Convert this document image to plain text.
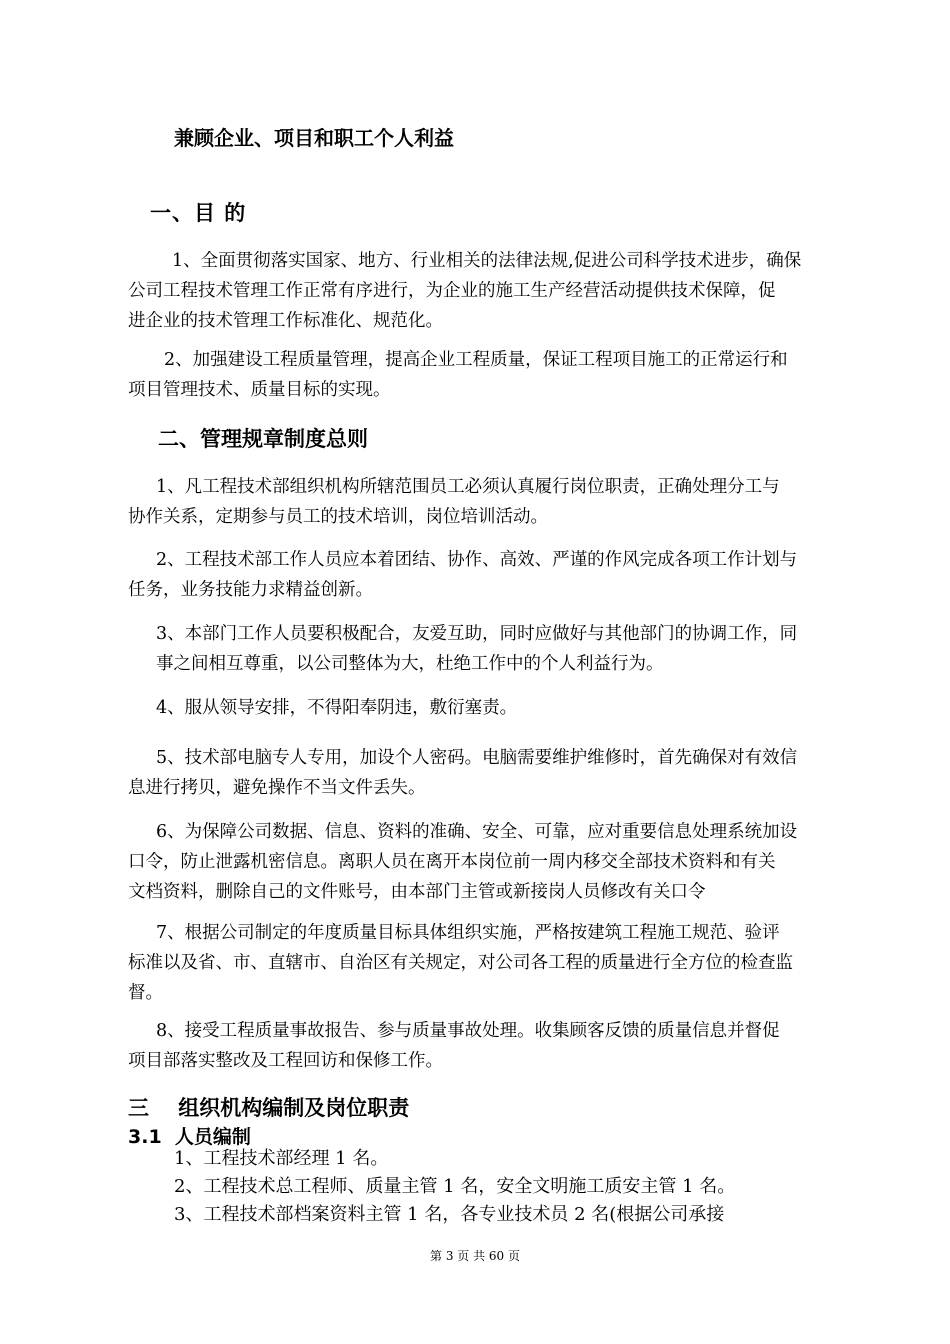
兼顾企业、项目和职工个人利益
一、目 的
1、全面贯彻落实国家、地方、行业相关的法律法规,促进公司科学技术进步，确保
公司工程技术管理工作正常有序进行，为企业的施工生产经营活动提供技术保障，促
进企业的技术管理工作标准化、规范化。
2、加强建设工程质量管理，提高企业工程质量，保证工程项目施工的正常运行和
项目管理技术、质量目标的实现。
二、管理规章制度总则
1、凡工程技术部组织机构所辖范围员工必须认真履行岗位职责，正确处理分工与
协作关系，定期参与员工的技术培训，岗位培训活动。
2、工程技术部工作人员应本着团结、协作、高效、严谨的作风完成各项工作计划与
任务，业务技能力求精益创新。
3、本部门工作人员要积极配合，友爱互助，同时应做好与其他部门的协调工作，同
事之间相互尊重，以公司整体为大，杜绝工作中的个人利益行为。
4、服从领导安排，不得阳奉阴违，敷衍塞责。
5、技术部电脑专人专用，加设个人密码。电脑需要维护维修时，首先确保对有效信
息进行拷贝，避免操作不当文件丢失。
6、为保障公司数据、信息、资料的准确、安全、可靠，应对重要信息处理系统加设
口令，防止泄露机密信息。离职人员在离开本岗位前一周内移交全部技术资料和有关
文档资料，删除自己的文件账号，由本部门主管或新接岗人员修改有关口令
7、根据公司制定的年度质量目标具体组织实施，严格按建筑工程施工规范、验评
标准以及省、市、直辖市、自治区有关规定，对公司各工程的质量进行全方位的检查监
督。
8、接受工程质量事故报告、参与质量事故处理。收集顾客反馈的质量信息并督促
项目部落实整改及工程回访和保修工作。
三    组织机构编制及岗位职责
3.1  人员编制
1、工程技术部经理 1 名。
2、工程技术总工程师、质量主管 1 名，安全文明施工质安主管 1 名。
3、工程技术部档案资料主管 1 名，各专业技术员 2 名(根据公司承接
第 3 页 共 60 页
